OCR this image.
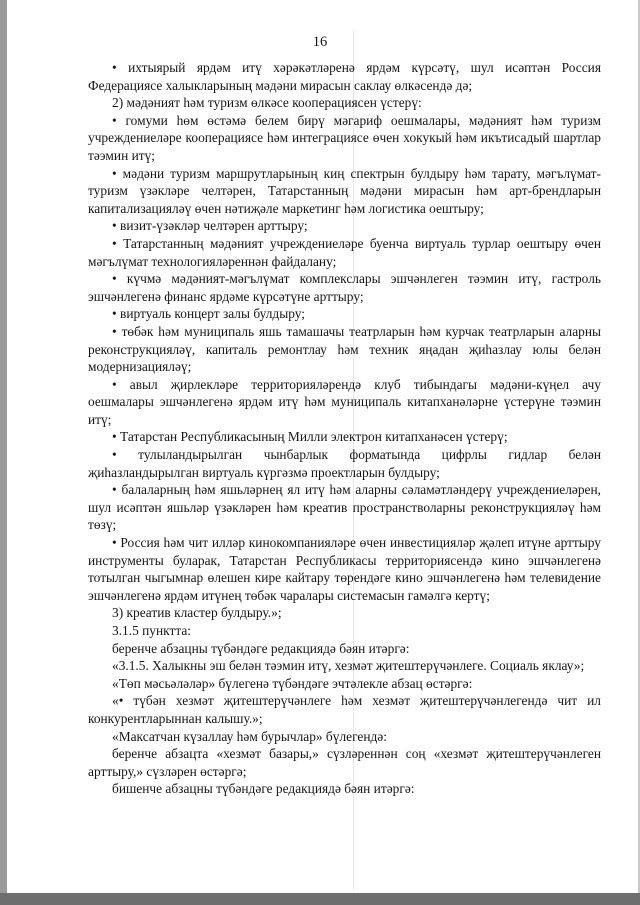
16

• ихтыярый ярдәм итү хәрәкәтләренә ярдәм күрсәтү, шул исәптән Россия Федерациясе халыкларының мәдәни мирасын саклау өлкәсендә дә;

2) мәдәният һәм туризм өлкәсе кооперациясен үстерү:

• гомуми һөм өстәмә белем бирү мәгариф оешмалары, мәдәният һәм туризм учреждениеләре кооперациясе һәм интеграциясе өчен хокукый һәм икътисадый шартлар тәэмин итү;

• мәдәни туризм маршрутларының киң спектрын булдыру һәм тарату, мәгълүмат-туризм үзәкләре челтәрен, Татарстанның мәдәни мирасын һәм арт-брендларын капитализацияләү өчен нәтиҗәле маркетинг һәм логистика оештыру;

• визит-үзәкләр челтәрен арттыру;

• Татарстанның мәдәният учреждениеләре буенча виртуаль турлар оештыру өчен мәгълүмат технологияләреннән файдалану;

• күчмә мәдәният-мәгълүмат комплекслары эшчәнлеген тәэмин итү, гастроль эшчәнлегенә финанс ярдәме күрсәтүне арттыру;

• виртуаль концерт залы булдыру;

• төбәк һәм муниципаль яшь тамашачы театрларын һәм курчак театрларын аларны реконструкцияләү, капиталь ремонтлау һәм техник яңадан җиһазлау юлы белән модернизацияләү;

• авыл җирлекләре территорияләрендә клуб тибындагы мәдәни-күңел ачу оешмалары эшчәнлегенә ярдәм итү һәм муниципаль китапханәләрне үстерүне тәэмин итү;

• Татарстан Республикасының Милли электрон китапханәсен үстерү;

• тулыландырылган чынбарлык форматында цифрлы гидлар белән җиһазландырылган виртуаль күргәзмә проектларын булдыру;

• балаларның һәм яшьләрнең ял итү һәм аларны сәламәтләндерү учреждениеләрен, шул исәптән яшьләр үзәкләрен һәм креатив пространстволарны реконструкцияләү һәм төзү;

• Россия һәм чит илләр кинокомпанияләре өчен инвестицияләр җәлеп итүне арттыру инструменты буларак, Татарстан Республикасы территориясендә кино эшчәнлегенә тотылган чыгымнар өлешен кире кайтару төрендәге кино эшчәнлегенә һәм телевидение эшчәнлегенә ярдәм итүнең төбәк чаралары системасын гамәлгә кертү;

3) креатив кластер булдыру.»;

3.1.5 пунктта:

беренче абзацны түбәндәге редакциядә бәян итәргә:

«3.1.5. Халыкны эш белән тәэмин итү, хезмәт җитештерүчәнлеге. Социаль яклау»;

«Төп мәсьәләләр» бүлегенә түбәндәге эчтәлекле абзац өстәргә:

«• түбән хезмәт җитештерүчәнлеге һәм хезмәт җитештерүчәнлегендә чит ил конкурентларыннан калышу.»;

«Максатчан күзаллау һәм бурычлар» бүлегендә:

беренче абзацта «хезмәт базары,» сүзләреннән соң «хезмәт җитештерүчәнлеген арттыру,» сүзләрен өстәргә;

бишенче абзацны түбәндәге редакциядә бәян итәргә:
